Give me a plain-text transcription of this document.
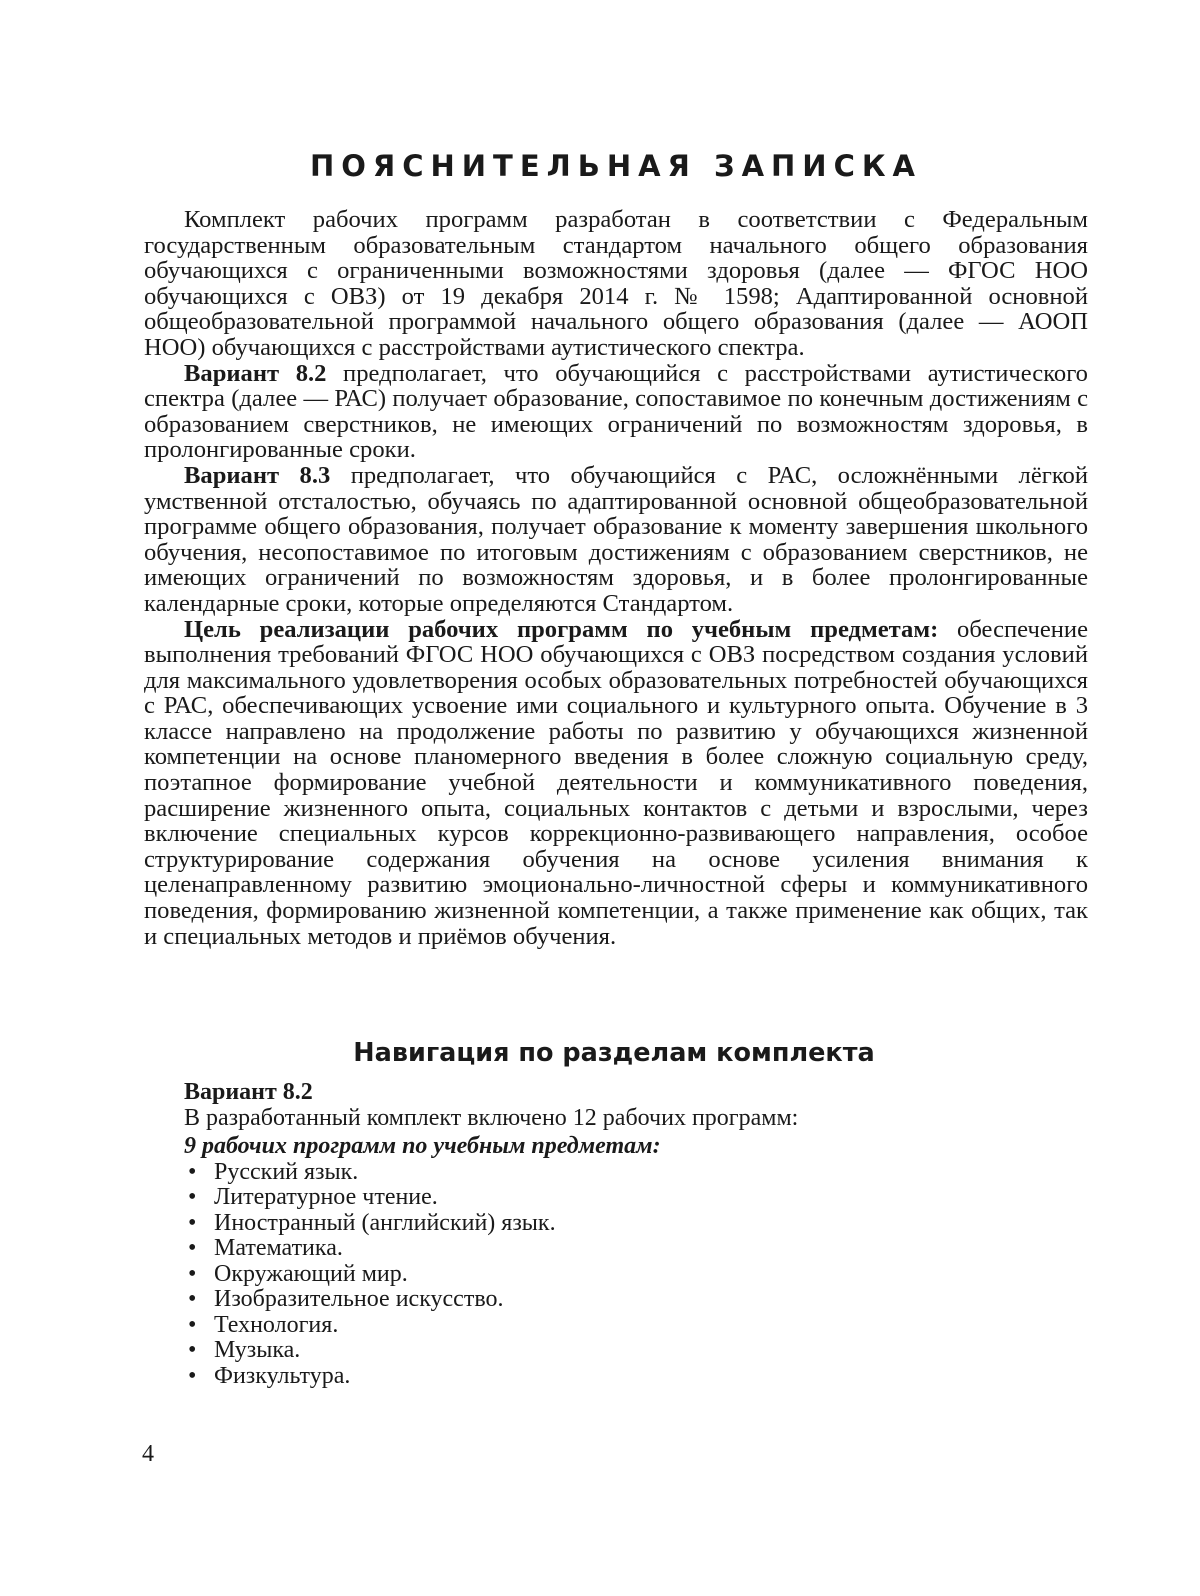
ПОЯСНИТЕЛЬНАЯ ЗАПИСКА

Комплект рабочих программ разработан в соответствии с Федеральным государственным образовательным стандартом начального общего образования обучающихся с ограниченными возможностями здоровья (далее — ФГОС НОО обучающихся с ОВЗ) от 19 декабря 2014 г. № 1598; Адаптированной основной общеобразовательной программой начального общего образования (далее — АООП НОО) обучающихся с расстройствами аутистического спектра.

Вариант 8.2 предполагает, что обучающийся с расстройствами аутистического спектра (далее — РАС) получает образование, сопоставимое по конечным достижениям с образованием сверстников, не имеющих ограничений по возможностям здоровья, в пролонгированные сроки.

Вариант 8.3 предполагает, что обучающийся с РАС, осложнёнными лёгкой умственной отсталостью, обучаясь по адаптированной основной общеобразовательной программе общего образования, получает образование к моменту завершения школьного обучения, несопоставимое по итоговым достижениям с образованием сверстников, не имеющих ограничений по возможностям здоровья, и в более пролонгированные календарные сроки, которые определяются Стандартом.

Цель реализации рабочих программ по учебным предметам: обеспечение выполнения требований ФГОС НОО обучающихся с ОВЗ посредством создания условий для максимального удовлетворения особых образовательных потребностей обучающихся с РАС, обеспечивающих усвоение ими социального и культурного опыта. Обучение в 3 классе направлено на продолжение работы по развитию у обучающихся жизненной компетенции на основе планомерного введения в более сложную социальную среду, поэтапное формирование учебной деятельности и коммуникативного поведения, расширение жизненного опыта, социальных контактов с детьми и взрослыми, через включение специальных курсов коррекционно-развивающего направления, особое структурирование содержания обучения на основе усиления внимания к целенаправленному развитию эмоционально-личностной сферы и коммуникативного поведения, формированию жизненной компетенции, а также применение как общих, так и специальных методов и приёмов обучения.

Навигация по разделам комплекта
Вариант 8.2
В разработанный комплект включено 12 рабочих программ:
9 рабочих программ по учебным предметам:
• Русский язык.
• Литературное чтение.
• Иностранный (английский) язык.
• Математика.
• Окружающий мир.
• Изобразительное искусство.
• Технология.
• Музыка.
• Физкультура.
4
